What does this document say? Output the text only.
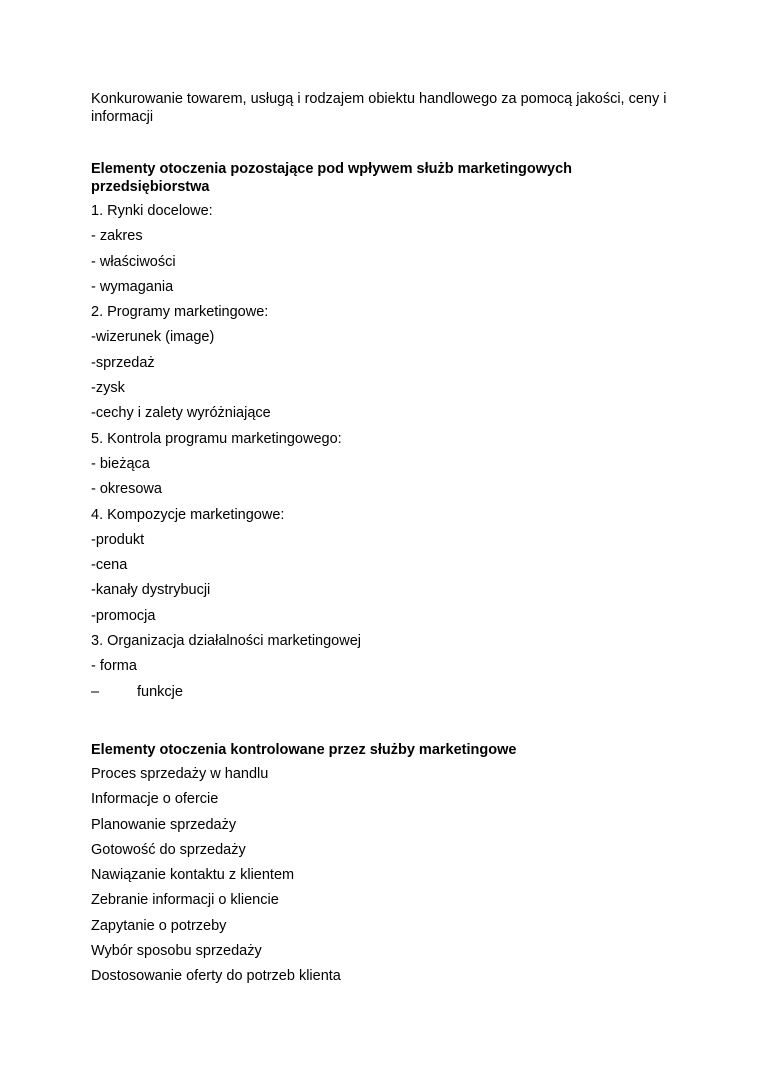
Konkurowanie towarem, usługą i rodzajem obiektu handlowego za pomocą jakości, ceny i informacji

Elementy otoczenia pozostające pod wpływem służb marketingowych przedsiębiorstwa

1. Rynki docelowe:
- zakres
- właściwości
- wymagania
2. Programy marketingowe:
-wizerunek (image)
-sprzedaż
-zysk
-cechy i zalety wyróżniające
5. Kontrola programu marketingowego:
- bieżąca
- okresowa
4. Kompozycje marketingowe:
-produkt
-cena
-kanały dystrybucji
-promocja
3. Organizacja działalności marketingowej
- forma
–	funkcje

Elementy otoczenia kontrolowane przez służby marketingowe

Proces sprzedaży w handlu
Informacje o ofercie
Planowanie sprzedaży
Gotowość do sprzedaży
Nawiązanie kontaktu z klientem
Zebranie informacji o kliencie
Zapytanie o potrzeby
Wybór sposobu sprzedaży
Dostosowanie oferty do potrzeb klienta
